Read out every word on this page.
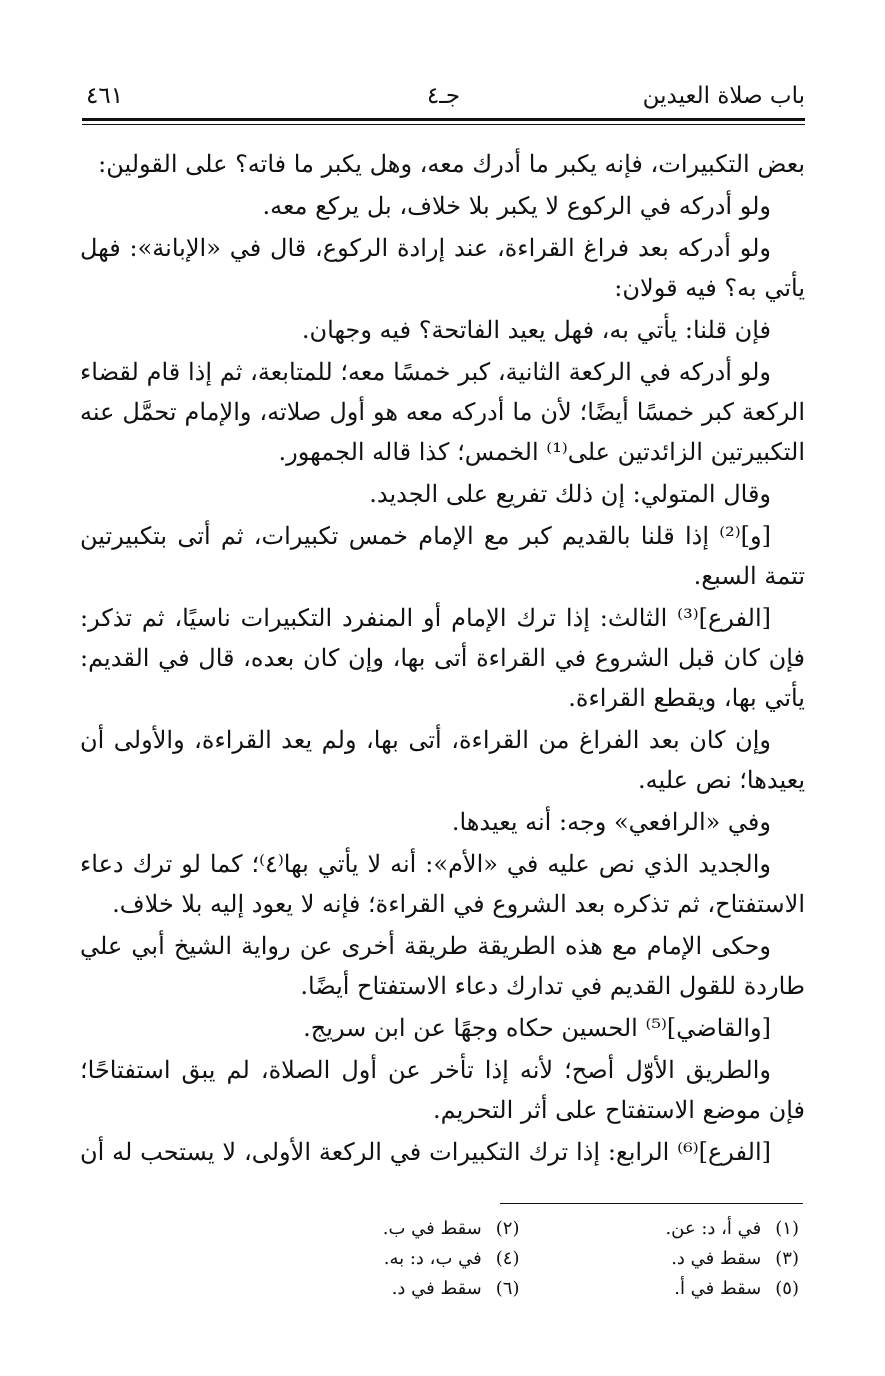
باب صلاة العيدين
جـ٤
٤٦١

بعض التكبيرات، فإنه يكبر ما أدرك معه، وهل يكبر ما فاته؟ على القولين:

ولو أدركه في الركوع لا يكبر بلا خلاف، بل يركع معه.

ولو أدركه بعد فراغ القراءة، عند إرادة الركوع، قال في «الإبانة»: فهل يأتي به؟ فيه قولان:

فإن قلنا: يأتي به، فهل يعيد الفاتحة؟ فيه وجهان.

ولو أدركه في الركعة الثانية، كبر خمسًا معه؛ للمتابعة، ثم إذا قام لقضاء الركعة كبر خمسًا أيضًا؛ لأن ما أدركه معه هو أول صلاته، والإمام تحمَّل عنه التكبيرتين الزائدتين على⁽¹⁾ الخمس؛ كذا قاله الجمهور.

وقال المتولي: إن ذلك تفريع على الجديد.

[و]⁽²⁾ إذا قلنا بالقديم كبر مع الإمام خمس تكبيرات، ثم أتى بتكبيرتين تتمة السبع.

[الفرع]⁽³⁾ الثالث: إذا ترك الإمام أو المنفرد التكبيرات ناسيًا، ثم تذكر: فإن كان قبل الشروع في القراءة أتى بها، وإن كان بعده، قال في القديم: يأتي بها، ويقطع القراءة.

وإن كان بعد الفراغ من القراءة، أتى بها، ولم يعد القراءة، والأولى أن يعيدها؛ نص عليه.

وفي «الرافعي» وجه: أنه يعيدها.

والجديد الذي نص عليه في «الأم»: أنه لا يأتي بها⁽٤⁾؛ كما لو ترك دعاء الاستفتاح، ثم تذكره بعد الشروع في القراءة؛ فإنه لا يعود إليه بلا خلاف.

وحكى الإمام مع هذه الطريقة طريقة أخرى عن رواية الشيخ أبي علي طاردة للقول القديم في تدارك دعاء الاستفتاح أيضًا.

[والقاضي]⁽⁵⁾ الحسين حكاه وجهًا عن ابن سريج.

والطريق الأوّل أصح؛ لأنه إذا تأخر عن أول الصلاة، لم يبق استفتاحًا؛ فإن موضع الاستفتاح على أثر التحريم.

[الفرع]⁽⁶⁾ الرابع: إذا ترك التكبيرات في الركعة الأولى، لا يستحب له أن

(١)في أ، د: عن.
(٢)سقط في ب.
(٣)سقط في د.
(٤)في ب، د: به.
(٥)سقط في أ.
(٦)سقط في د.
